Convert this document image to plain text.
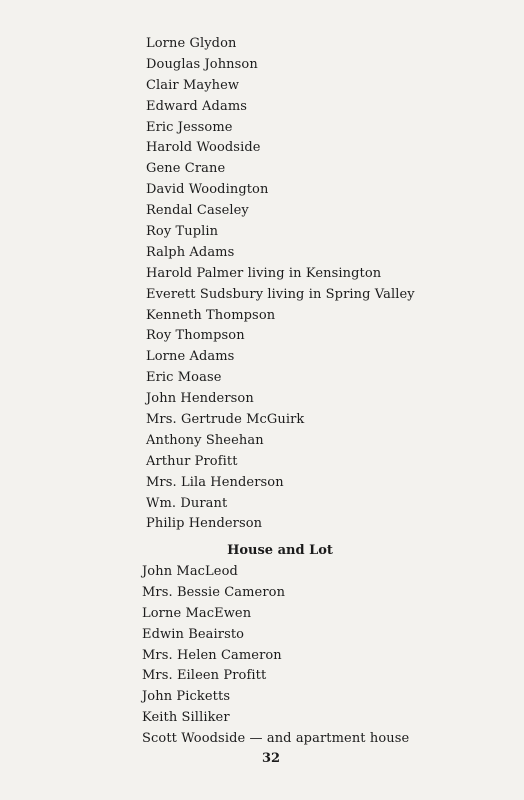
Lorne Glydon
Douglas Johnson
Clair Mayhew
Edward Adams
Eric Jessome
Harold Woodside
Gene Crane
David Woodington
Rendal Caseley
Roy Tuplin
Ralph Adams
Harold Palmer living in Kensington
Everett Sudsbury living in Spring Valley
Kenneth Thompson
Roy Thompson
Lorne Adams
Eric Moase
John Henderson
Mrs. Gertrude McGuirk
Anthony Sheehan
Arthur Profitt
Mrs. Lila Henderson
Wm. Durant
Philip Henderson
House and Lot
John MacLeod
Mrs. Bessie Cameron
Lorne MacEwen
Edwin Beairsto
Mrs. Helen Cameron
Mrs. Eileen Profitt
John Picketts
Keith Silliker
Scott Woodside — and apartment house
32
